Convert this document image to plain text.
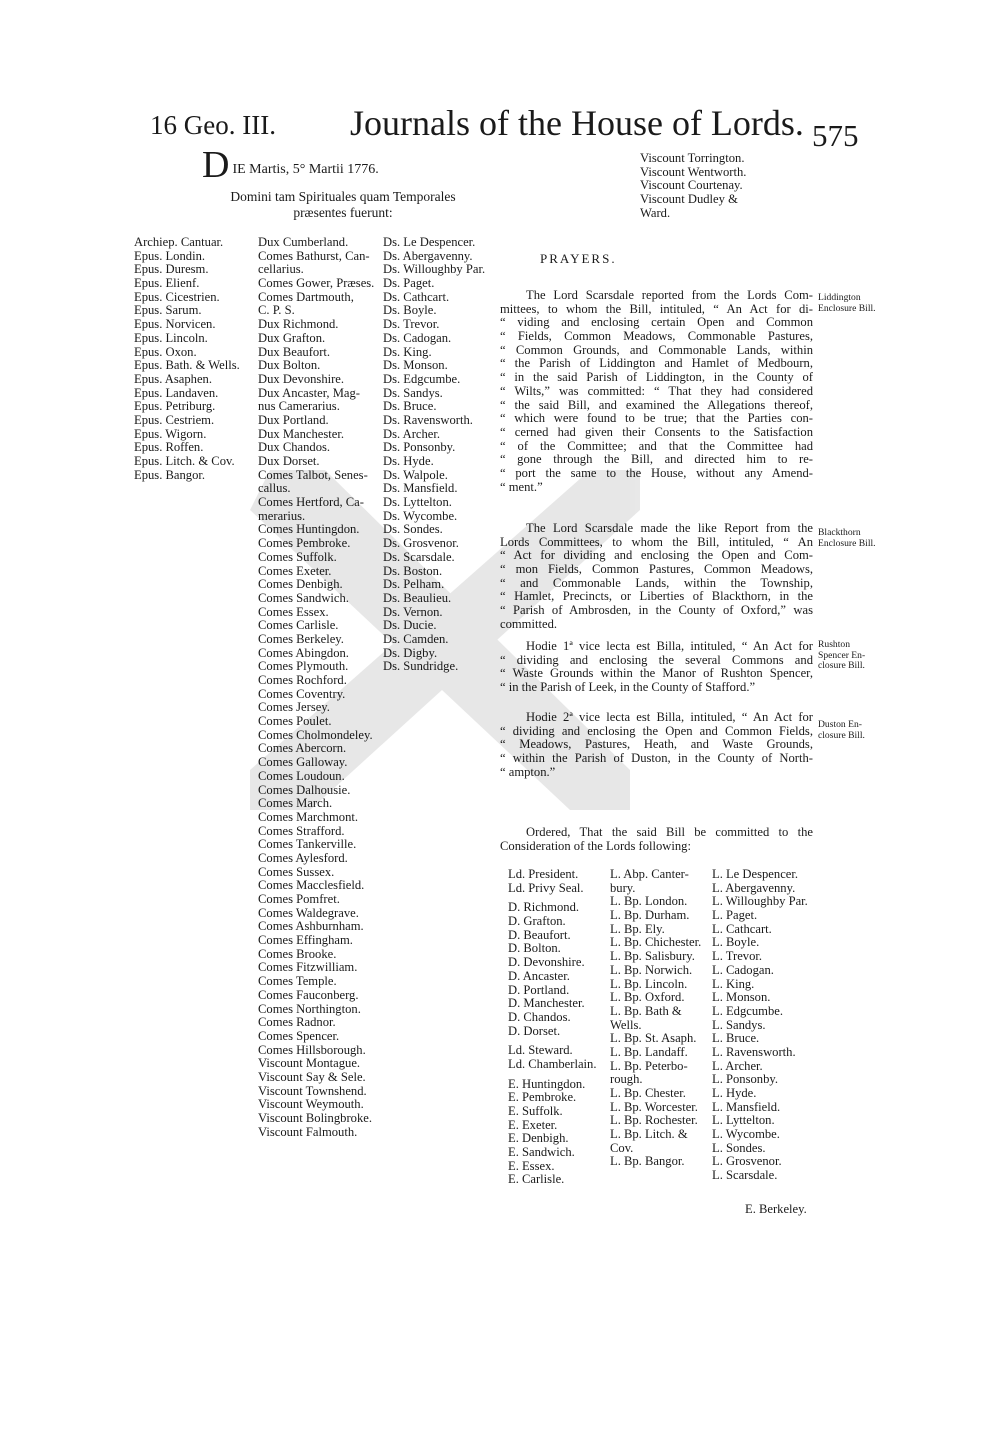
16 Geo. III. Journals of the House of Lords. 575
DIE Martis, 5° Martii 1776.
Domini tam Spirituales quam Temporales præsentes fuerunt:
Archiep. Cantuar.
Epus. Londin.
Epus. Duresm.
Epus. Elienf.
Epus. Cicestrien.
Epus. Sarum.
Epus. Norvicen.
Epus. Lincoln.
Epus. Oxon.
Epus. Bath. & Wells.
Epus. Asaphen.
Epus. Landaven.
Epus. Petriburg.
Epus. Cestriem.
Epus. Wigorn.
Epus. Roffen.
Epus. Litch. & Cov.
Epus. Bangor.
Dux Cumberland.
Comes Bathurst, Can-
cellarius.
Comes Gower, Præses.
Comes Dartmouth,
C. P. S.
Dux Richmond.
Dux Grafton.
Dux Beaufort.
Dux Bolton.
Dux Devonshire.
Dux Ancaster, Mag-
nus Camerarius.
Dux Portland.
Dux Manchester.
Dux Chandos.
Dux Dorset.
Comes Talbot, Senes-
callus.
Comes Hertford, Ca-
merarius.
Comes Huntingdon.
Comes Pembroke.
Comes Suffolk.
Comes Exeter.
Comes Denbigh.
Comes Sandwich.
Comes Essex.
Comes Carlisle.
Comes Berkeley.
Comes Abingdon.
Comes Plymouth.
Comes Rochford.
Comes Coventry.
Comes Jersey.
Comes Poulet.
Comes Cholmondeley.
Comes Abercorn.
Comes Galloway.
Comes Loudoun.
Comes Dalhousie.
Comes March.
Comes Marchmont.
Comes Strafford.
Comes Tankerville.
Comes Aylesford.
Comes Sussex.
Comes Macclesfield.
Comes Pomfret.
Comes Waldegrave.
Comes Ashburnham.
Comes Effingham.
Comes Brooke.
Comes Fitzwilliam.
Comes Temple.
Comes Fauconberg.
Comes Northington.
Comes Radnor.
Comes Spencer.
Comes Hillsborough.
Viscount Montague.
Viscount Say & Sele.
Viscount Townshend.
Viscount Weymouth.
Viscount Bolingbroke.
Viscount Falmouth.
Ds. Le Despencer.
Ds. Abergavenny.
Ds. Willoughby Par.
Ds. Paget.
Ds. Cathcart.
Ds. Boyle.
Ds. Trevor.
Ds. Cadogan.
Ds. King.
Ds. Monson.
Ds. Edgcumbe.
Ds. Sandys.
Ds. Bruce.
Ds. Ravensworth.
Ds. Archer.
Ds. Ponsonby.
Ds. Hyde.
Ds. Walpole.
Ds. Mansfield.
Ds. Lyttelton.
Ds. Wycombe.
Ds. Sondes.
Ds. Grosvenor.
Ds. Scarsdale.
Ds. Boston.
Ds. Pelham.
Ds. Beaulieu.
Ds. Vernon.
Ds. Ducie.
Ds. Camden.
Ds. Digby.
Ds. Sundridge.
Viscount Torrington.
Viscount Wentworth.
Viscount Courtenay.
Viscount Dudley &
Ward.
PRAYERS.
The Lord Scarsdale reported from the Lords Com-
mittees, to whom the Bill, intituled, “ An Act for di-
“ viding and enclosing certain Open and Common
“ Fields, Common Meadows, Commonable Pastures,
“ Common Grounds, and Commonable Lands, within
“ the Parish of Liddington and Hamlet of Medbourn,
“ in the said Parish of Liddington, in the County of
“ Wilts,” was committed: “ That they had considered
“ the said Bill, and examined the Allegations thereof,
“ which were found to be true; that the Parties con-
“ cerned had given their Consents to the Satisfaction
“ of the Committee; and that the Committee had
“ gone through the Bill, and directed him to re-
“ port the same to the House, without any Amend-
“ ment.”
Liddington
Enclosure Bill.
The Lord Scarsdale made the like Report from the
Lords Committees, to whom the Bill, intituled, “ An
“ Act for dividing and enclosing the Open and Com-
“ mon Fields, Common Pastures, Common Meadows,
“ and Commonable Lands, within the Township,
“ Hamlet, Precincts, or Liberties of Blackthorn, in the
“ Parish of Ambrosden, in the County of Oxford,” was
committed.
Blackthorn
Enclosure Bill.
Hodie 1ª vice lecta est Billa, intituled, “ An Act for
“ dividing and enclosing the several Commons and
“ Waste Grounds within the Manor of Rushton Spencer,
“ in the Parish of Leek, in the County of Stafford.”
Rushton
Spencer En-
closure Bill.
Hodie 2ª vice lecta est Billa, intituled, “ An Act for
“ dividing and enclosing the Open and Common Fields,
“ Meadows, Pastures, Heath, and Waste Grounds,
“ within the Parish of Duston, in the County of North-
“ ampton.”
Duston En-
closure Bill.
Ordered, That the said Bill be committed to the
Consideration of the Lords following:
Ld. President.
Ld. Privy Seal.

D. Richmond.
D. Grafton.
D. Beaufort.
D. Bolton.
D. Devonshire.
D. Ancaster.
D. Portland.
D. Manchester.
D. Chandos.
D. Dorset.

Ld. Steward.
Ld. Chamberlain.

E. Huntingdon.
E. Pembroke.
E. Suffolk.
E. Exeter.
E. Denbigh.
E. Sandwich.
E. Essex.
E. Carlisle.
L. Abp. Canter-
bury.
L. Bp. London.
L. Bp. Durham.
L. Bp. Ely.
L. Bp. Chichester.
L. Bp. Salisbury.
L. Bp. Norwich.
L. Bp. Lincoln.
L. Bp. Oxford.
L. Bp. Bath &
Wells.
L. Bp. St. Asaph.
L. Bp. Landaff.
L. Bp. Peterbo-
rough.
L. Bp. Chester.
L. Bp. Worcester.
L. Bp. Rochester.
L. Bp. Litch. &
Cov.
L. Bp. Bangor.
L. Le Despencer.
L. Abergavenny.
L. Willoughby Par.
L. Paget.
L. Cathcart.
L. Boyle.
L. Trevor.
L. Cadogan.
L. King.
L. Monson.
L. Edgcumbe.
L. Sandys.
L. Bruce.
L. Ravensworth.
L. Archer.
L. Ponsonby.
L. Hyde.
L. Mansfield.
L. Lyttelton.
L. Wycombe.
L. Sondes.
L. Grosvenor.
L. Scarsdale.
E. Berkeley.
